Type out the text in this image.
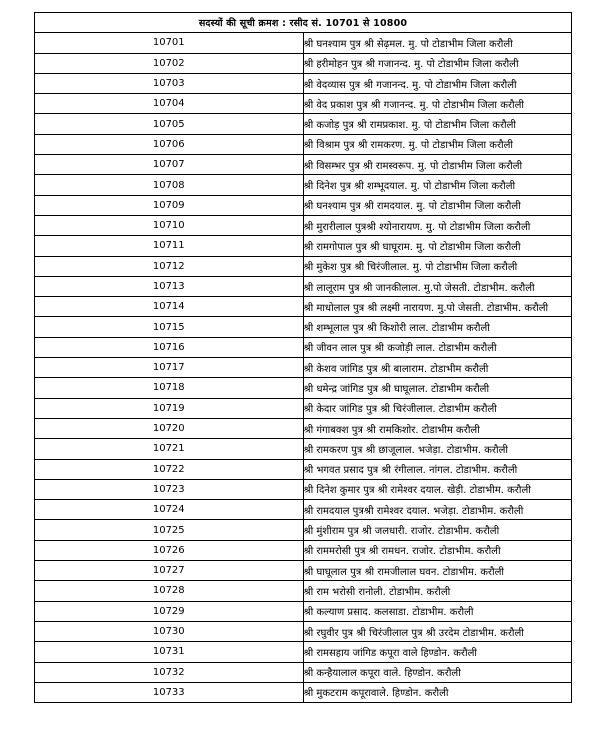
सदस्यों की सूची क्रमश : रसीद सं. 10701 से 10800	
10701	श्री घनश्याम पुत्र श्री सेढ़मल. मु. पो टोडाभीम जिला करौली
10702	श्री हरीमोहन पुत्र श्री गजानन्द. मु. पो टोडाभीम जिला करौली
10703	श्री वेदव्यास पुत्र श्री गजानन्द. मु. पो टोडाभीम जिला करौली
10704	श्री वेद प्रकाश पुत्र श्री गजानन्द. मु. पो टोडाभीम जिला करौली
10705	श्री कजोड़ पुत्र श्री रामप्रकाश. मु. पो टोडाभीम जिला करौली
10706	श्री विश्राम पुत्र श्री रामकरण. मु. पो टोडाभीम जिला करौली
10707	श्री विसम्भर पुत्र श्री रामस्वरूप. मु. पो टोडाभीम जिला करौली
10708	श्री दिनेश पुत्र श्री शम्भूदयाल. मु. पो टोडाभीम जिला करौली
10709	श्री घनश्याम पुत्र श्री रामदयाल. मु. पो टोडाभीम जिला करौली
10710	श्री मुरारीलाल पुत्रश्री श्योनारायण. मु. पो टोडाभीम जिला करौली
10711	श्री रामगोपाल पुत्र श्री घाघूराम. मु. पो टोडाभीम जिला करौली
10712	श्री मुकेश पुत्र श्री चिरंजीलाल. मु. पो टोडाभीम जिला करौली
10713	श्री लालूराम पुत्र श्री जानकीलाल. मु.पो जेसती. टोडाभीम. करौली
10714	श्री माधोलाल पुत्र श्री लक्ष्मी नारायण. मु.पो जेसती. टोडाभीम. करौली
10715	श्री शम्भूलाल पुत्र श्री किशोरी लाल. टोडाभीम करौली
10716	श्री जीवन लाल पुत्र श्री कजोड़ी लाल. टोडाभीम करौली
10717	श्री केशव जांगिड पुत्र श्री बालाराम. टोडाभीम करौली
10718	श्री धमेन्द्र जांगिड पुत्र श्री घाघूलाल. टोडाभीम करौली
10719	श्री केदार जांगिड पुत्र श्री चिरंजीलाल. टोडाभीम करौली
10720	श्री गंगाबक्श पुत्र श्री रामकिशोर. टोडाभीम करौली
10721	श्री रामकरण पुत्र श्री छाजूलाल. भजेड़ा. टोडाभीम. करौली
10722	श्री भगवत प्रसाद पुत्र श्री रंगीलाल. नांगल. टोडाभीम. करौली
10723	श्री दिनेश कुमार पुत्र श्री रामेश्वर दयाल. खेड़ी. टोडाभीम. करौली
10724	श्री रामदयाल पुत्रश्री रामेश्वर दयाल. भजेड़ा. टोडाभीम. करौली
10725	श्री मुंशीराम पुत्र श्री जलधारी. राजोर. टोडाभीम. करौली
10726	श्री राममरोसी पुत्र श्री रामधन. राजोर. टोडाभीम. करौली
10727	श्री घाघूलाल पुत्र श्री रामजीलाल घवन. टोडाभीम. करौली
10728	श्री राम भरोसी रानोली. टोडाभीम. करौली
10729	श्री कल्याण प्रसाद. कलसाडा. टोडाभीम. करौली
10730	श्री रघुवीर पुत्र श्री चिरंजीलाल पुत्र श्री उरदेम टोडाभीम. करौली
10731	श्री रामसहाय जांगिड कपूरा वाले हिण्डोन. करौली
10732	श्री कन्हैयालाल कपूरा वाले. हिण्डोन. करौली
10733	श्री मुकटराम कपूरावाले. हिण्डोन. करौली
